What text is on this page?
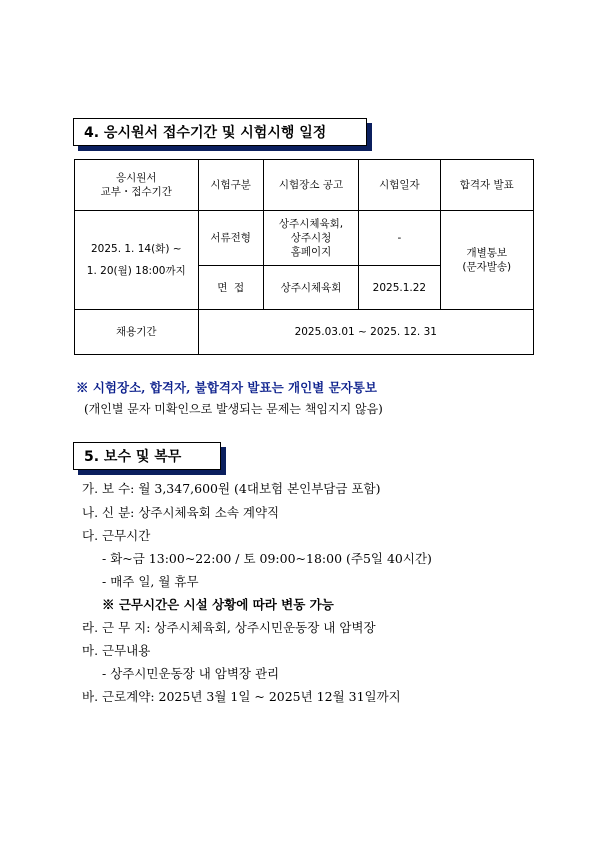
4. 응시원서 접수기간 및 시험시행 일정
응시원서
교부・접수기간	시험구분	시험장소 공고	시험일자	합격자 발표
2025. 1. 14(화) ~
1. 20(월) 18:00까지	서류전형	상주시체육회,
상주시청
홈페이지	-	개별통보
(문자발송)
	면  접	상주시체육회	2025.1.22	
채용기간	2025.03.01 ~ 2025. 12. 31			
※ 시험장소, 합격자, 불합격자 발표는 개인별 문자통보
(개인별 문자 미확인으로 발생되는 문제는 책임지지 않음)
5. 보수 및 복무
가. 보 수: 월 3,347,600원 (4대보험 본인부담금 포함)
나. 신 분: 상주시체육회 소속 계약직
다. 근무시간
- 화~금 13:00~22:00 / 토 09:00~18:00 (주5일 40시간)
- 매주 일, 월 휴무
※ 근무시간은 시설 상황에 따라 변동 가능
라. 근 무 지: 상주시체육회, 상주시민운동장 내 암벽장
마. 근무내용
- 상주시민운동장 내 암벽장 관리
바. 근로계약: 2025년 3월 1일 ~ 2025년 12월 31일까지
